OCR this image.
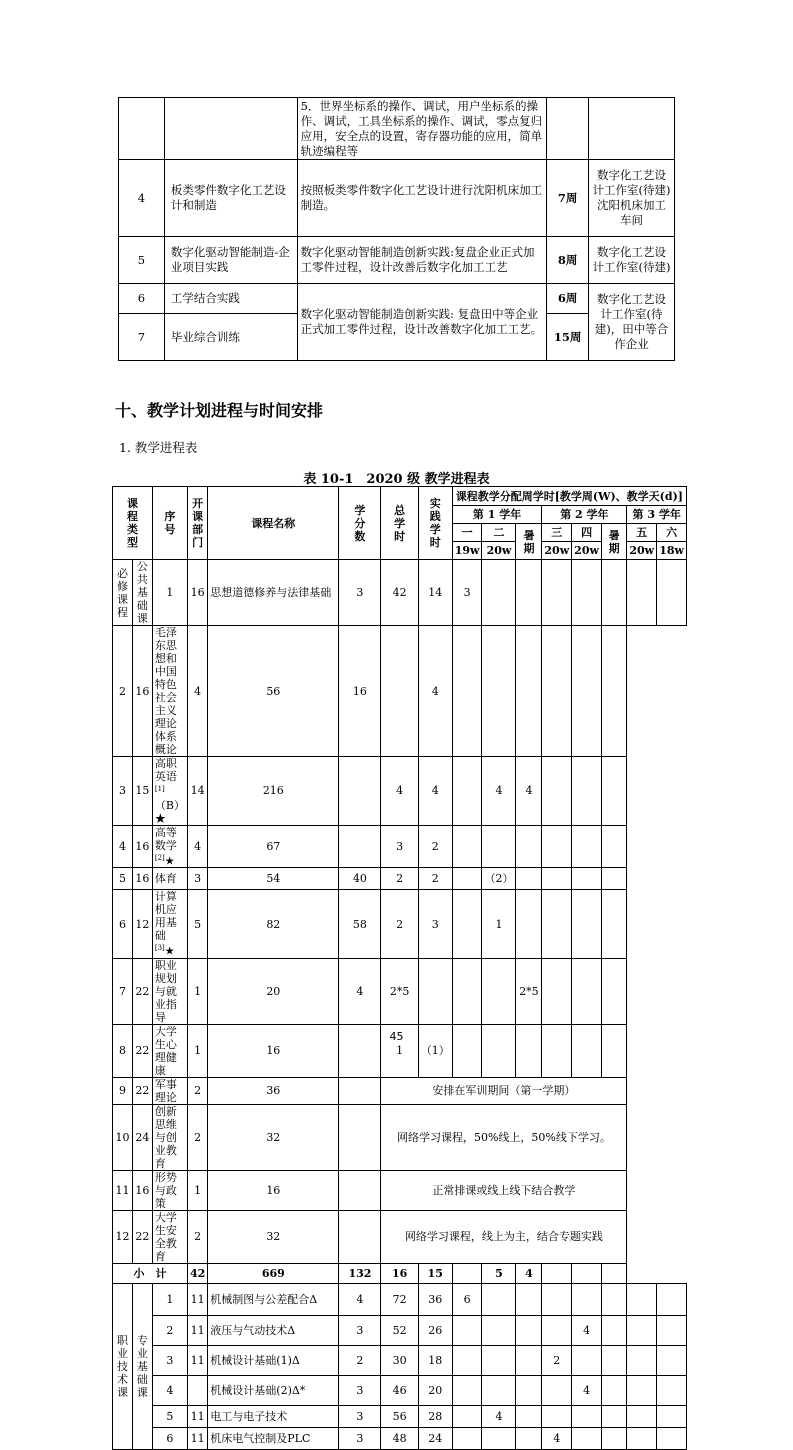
		5．世界坐标系的操作、调试，用户坐标系的操作、调试，工具坐标系的操作、调试，零点复归应用，安全点的设置，寄存器功能的应用，简单轨迹编程等		
4	板类零件数字化工艺设计和制造	按照板类零件数字化工艺设计进行沈阳机床加工制造。	7周	数字化工艺设计工作室(待建)沈阳机床加工车间
5	数字化驱动智能制造-企业项目实践	数字化驱动智能制造创新实践:复盘企业正式加工零件过程，设计改善后数字化加工工艺	8周	数字化工艺设计工作室(待建)
6	工学结合实践	数字化驱动智能制造创新实践: 复盘田中等企业正式加工零件过程，设计改善数字化加工工艺。	6周	数字化工艺设计工作室(待建)，田中等合作企业
7	毕业综合训练		15周	
十、教学计划进程与时间安排
1. 教学进程表
表 10-1　2020 级 教学进程表
课程类型		序号	开课部门	课程名称	学分数	总学时	实践学时	课程教学分配周学时[教学周(W)、教学天(d)]							
								第 1 学年			第 2 学年			第 3 学年	
								一	二	暑期	三	四	暑期	五	六
								19w	20w		20w	20w		20w	18w
必修课程	公共基础课	1	16	思想道德修养与法律基础	3	42	14	3							
2	16	毛泽东思想和中国特色社会主义理论体系概论	4	56	16		4								
3	15	高职英语[1]（B）★	14	216		4	4		4	4					
4	16	高等数学[2]★	4	67		3	2								
5	16	体育	3	54	40	2	2		（2）						
6	12	计算机应用基础[3]★	5	82	58	2	3		1						
7	22	职业规划与就业指导	1	20	4	2*5				2*5					
8	22	大学生心理健康	1	16		1	（1）								
9	22	军事理论	2	36		安排在军训期间（第一学期）									
10	24	创新思维与创业教育	2	32		网络学习课程，50%线上，50%线下学习。									
11	16	形势与政策	1	16		正常排课或线上线下结合教学									
12	22	大学生安全教育	2	32		网络学习课程，线上为主，结合专题实践									
小　计			42	669	132	16	15		5	4					
职业技术课	专业基础课	1	11	机械制图与公差配合Δ	4	72	36	6							
		2	11	液压与气动技术Δ	3	52	26					4			
		3	11	机械设计基础(1)Δ	2	30	18				2				
		4		机械设计基础(2)Δ*	3	46	20					4			
		5	11	电工与电子技术	3	56	28		4						
		6	11	机床电气控制及PLC	3	48	24				4				
45
